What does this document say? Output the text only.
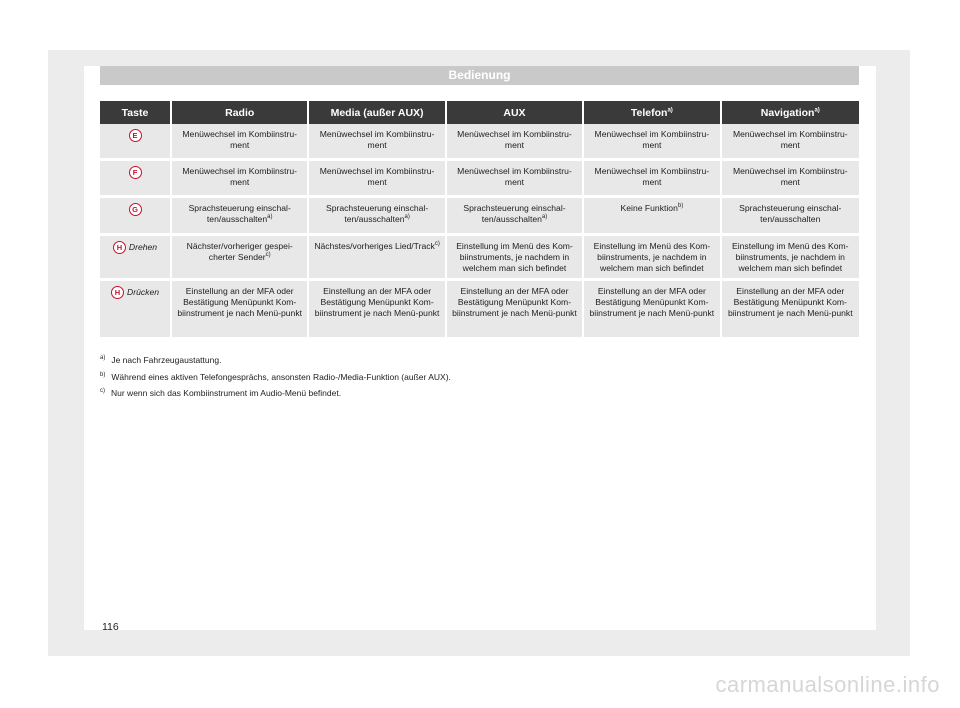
Bedienung
Taste	Radio	Media (außer AUX)	AUX	Telefon$^{a)}$	Navigation$^{a)}$
E	Menüwechsel im Kombiinstru-ment	Menüwechsel im Kombiinstru-ment	Menüwechsel im Kombiinstru-ment	Menüwechsel im Kombiinstru-ment	Menüwechsel im Kombiinstru-ment
F	Menüwechsel im Kombiinstru-ment	Menüwechsel im Kombiinstru-ment	Menüwechsel im Kombiinstru-ment	Menüwechsel im Kombiinstru-ment	Menüwechsel im Kombiinstru-ment
G	Sprachsteuerung einschal-ten/ausschalten$^{a)}$	Sprachsteuerung einschal-ten/ausschalten$^{a)}$	Sprachsteuerung einschal-ten/ausschalten$^{a)}$	Keine Funktion$^{b)}$	Sprachsteuerung einschal-ten/ausschalten
H Drehen	Nächster/vorheriger gespei-cherter Sender$^{c)}$	Nächstes/vorheriges Lied/Track$^{c)}$	Einstellung im Menü des Kom-biinstruments, je nachdem in welchem man sich befindet	Einstellung im Menü des Kom-biinstruments, je nachdem in welchem man sich befindet	Einstellung im Menü des Kom-biinstruments, je nachdem in welchem man sich befindet
H Drücken	Einstellung an der MFA oder Bestätigung Menüpunkt Kom-biinstrument je nach Menü-punkt	Einstellung an der MFA oder Bestätigung Menüpunkt Kom-biinstrument je nach Menü-punkt	Einstellung an der MFA oder Bestätigung Menüpunkt Kom-biinstrument je nach Menü-punkt	Einstellung an der MFA oder Bestätigung Menüpunkt Kom-biinstrument je nach Menü-punkt	Einstellung an der MFA oder Bestätigung Menüpunkt Kom-biinstrument je nach Menü-punkt
$^{a)}$ Je nach Fahrzeugaustattung.
$^{b)}$ Während eines aktiven Telefongesprächs, ansonsten Radio-/Media-Funktion (außer AUX).
$^{c)}$ Nur wenn sich das Kombiinstrument im Audio-Menü befindet.
116
carmanualsonline.info
